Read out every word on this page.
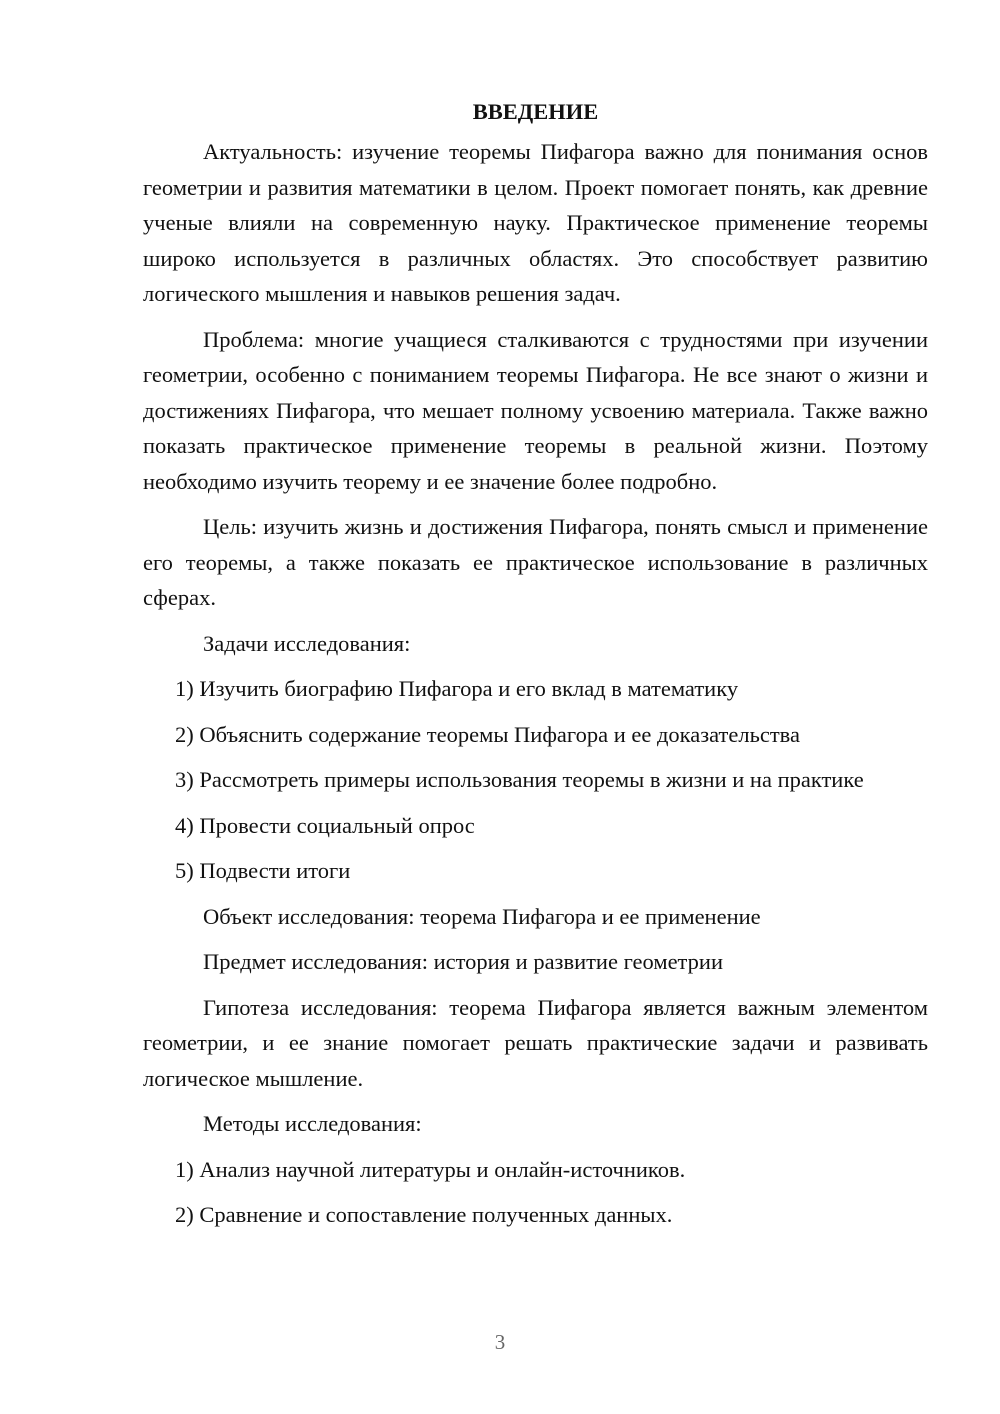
ВВЕДЕНИЕ

Актуальность: изучение теоремы Пифагора важно для понимания основ геометрии и развития математики в целом. Проект помогает понять, как древние ученые влияли на современную науку. Практическое применение теоремы широко используется в различных областях. Это способствует развитию логического мышления и навыков решения задач.

Проблема: многие учащиеся сталкиваются с трудностями при изучении геометрии, особенно с пониманием теоремы Пифагора. Не все знают о жизни и достижениях Пифагора, что мешает полному усвоению материала. Также важно показать практическое применение теоремы в реальной жизни. Поэтому необходимо изучить теорему и ее значение более подробно.

Цель: изучить жизнь и достижения Пифагора, понять смысл и применение его теоремы, а также показать ее практическое использование в различных сферах.

Задачи исследования:

1) Изучить биографию Пифагора и его вклад в математику

2) Объяснить содержание теоремы Пифагора и ее доказательства

3) Рассмотреть примеры использования теоремы в жизни и на практике

4) Провести социальный опрос

5) Подвести итоги

Объект исследования: теорема Пифагора и ее применение

Предмет исследования: история и развитие геометрии

Гипотеза исследования: теорема Пифагора является важным элементом геометрии, и ее знание помогает решать практические задачи и развивать логическое мышление.

Методы исследования:

1) Анализ научной литературы и онлайн-источников.

2) Сравнение и сопоставление полученных данных.

3
